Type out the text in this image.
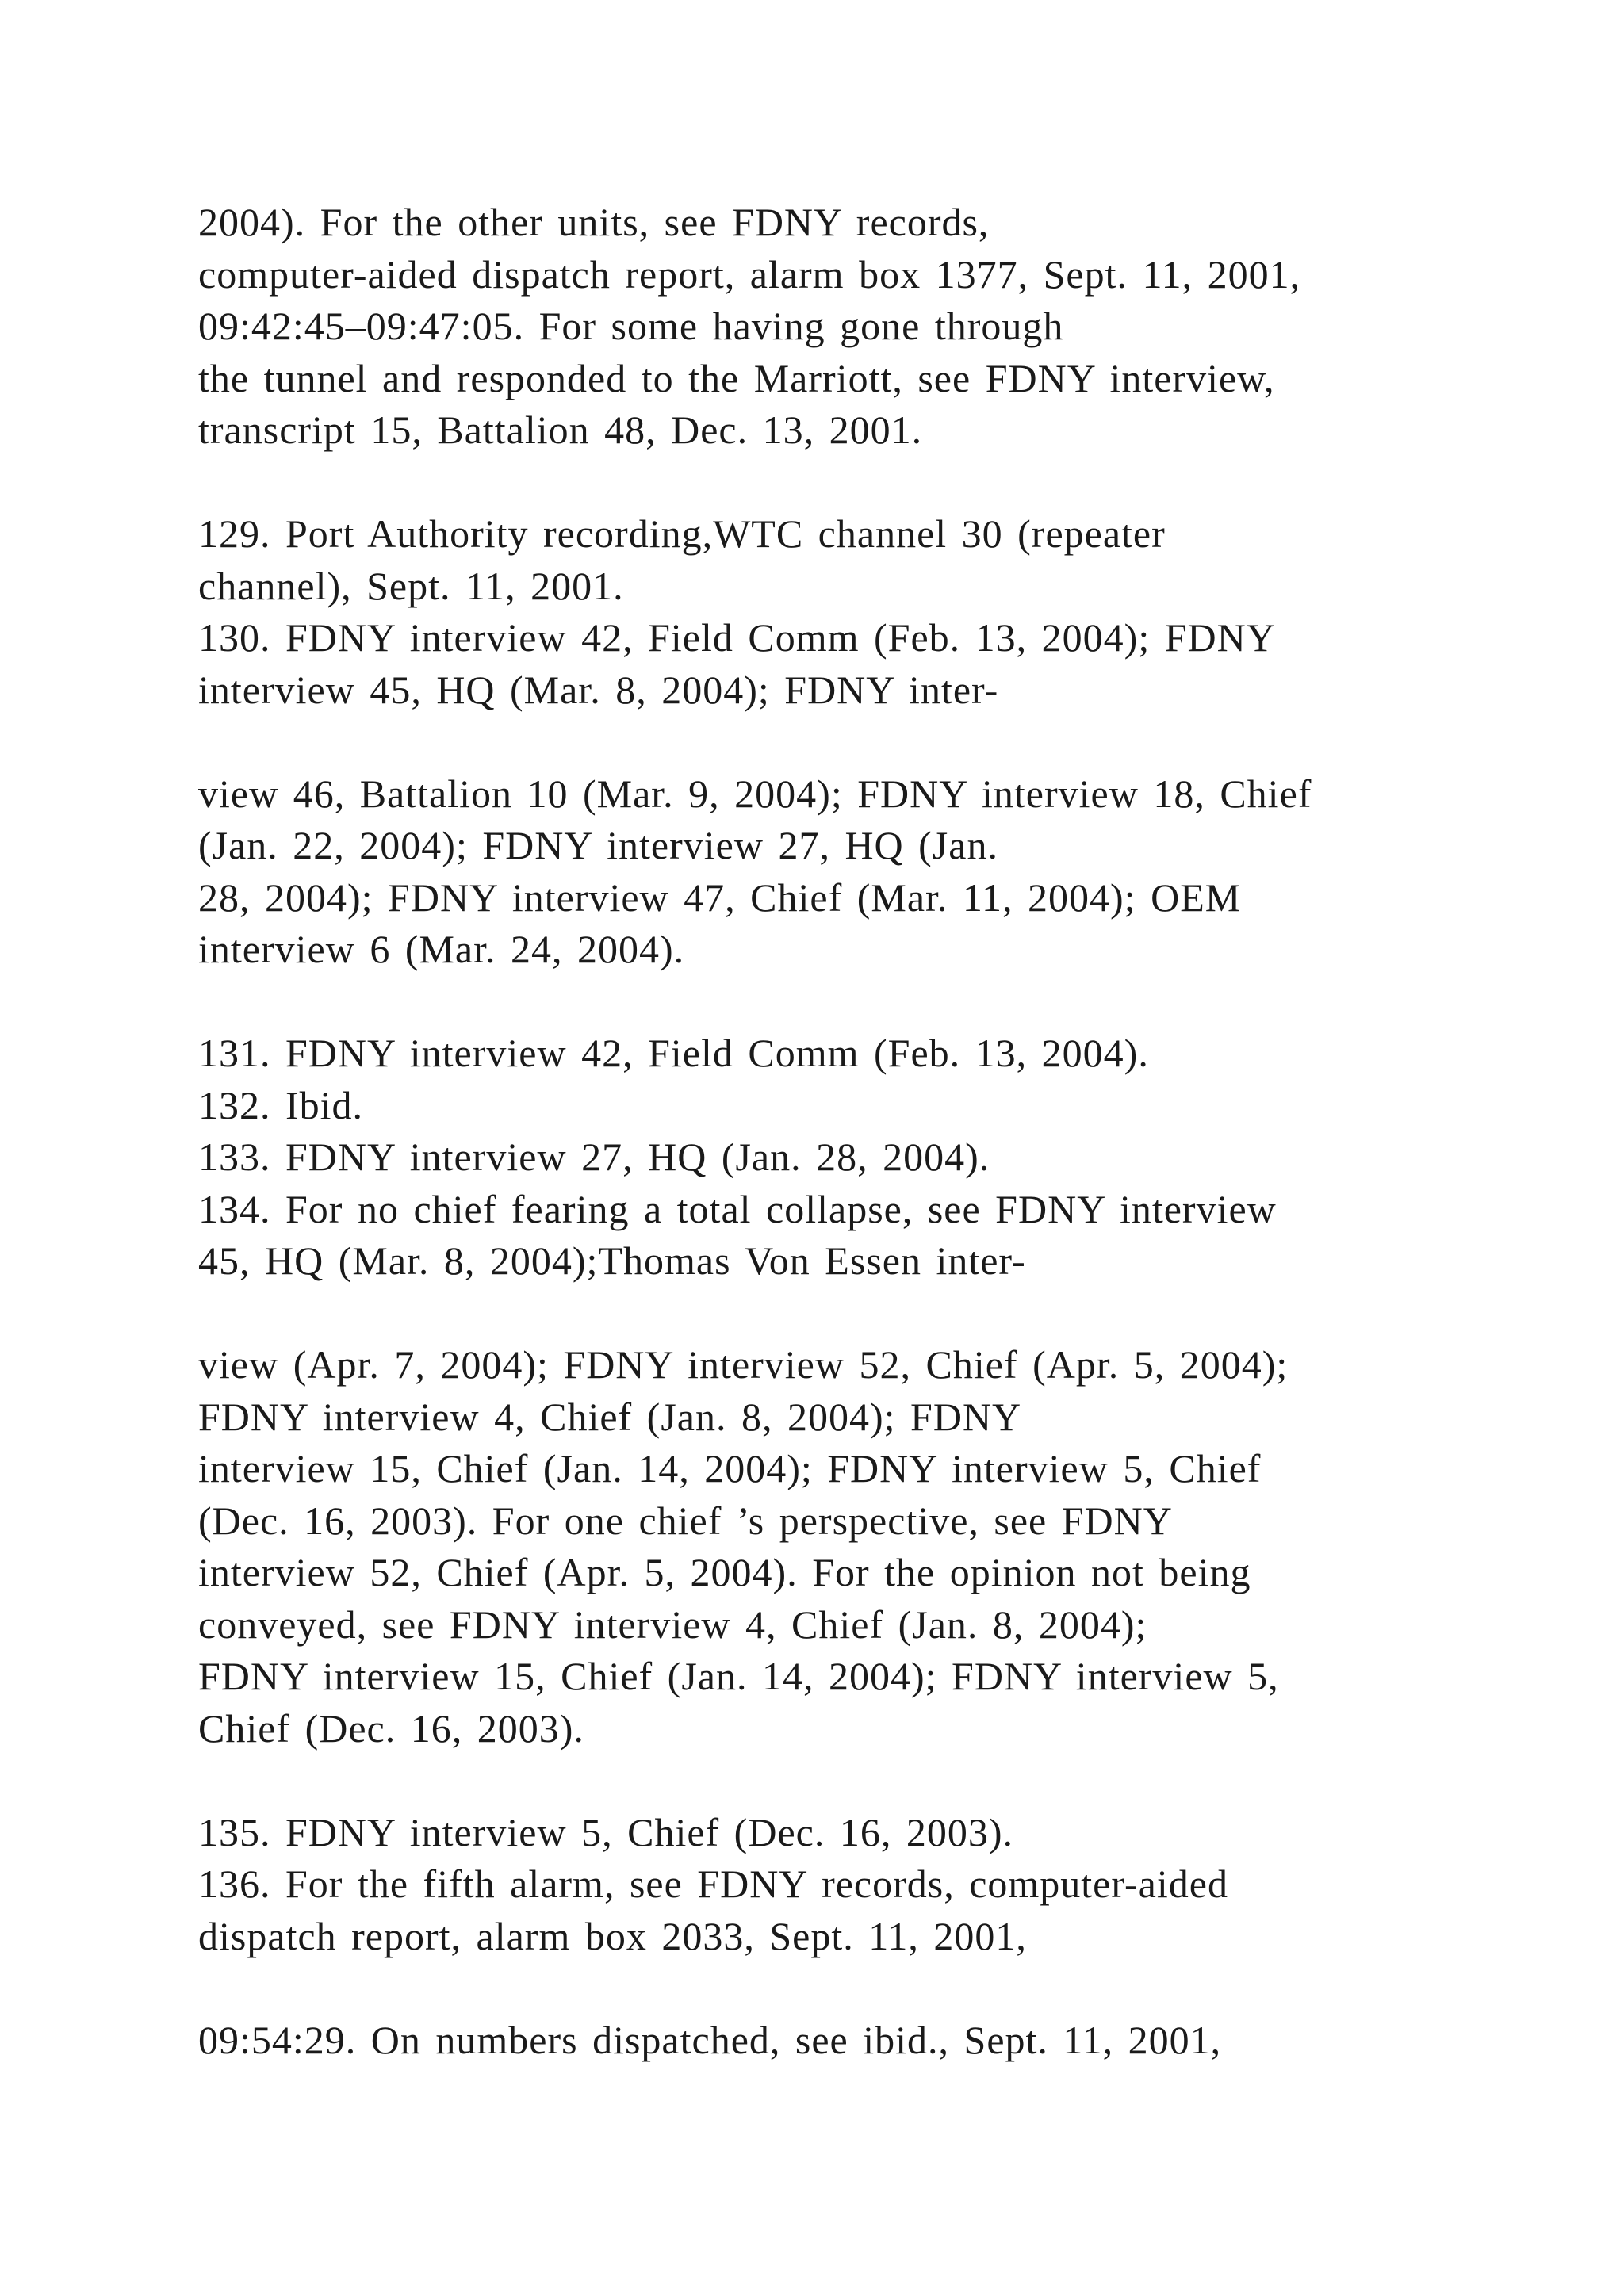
2004). For the other units, see FDNY records,
computer-aided dispatch report, alarm box 1377, Sept. 11, 2001,
09:42:45–09:47:05. For some having gone through
the tunnel and responded to the Marriott, see FDNY interview,
transcript 15, Battalion 48, Dec. 13, 2001.
129. Port Authority recording,WTC channel 30 (repeater
channel), Sept. 11, 2001.
130. FDNY interview 42, Field Comm (Feb. 13, 2004); FDNY
interview 45, HQ (Mar. 8, 2004); FDNY inter-
view 46, Battalion 10 (Mar. 9, 2004); FDNY interview 18, Chief
(Jan. 22, 2004); FDNY interview 27, HQ (Jan.
28, 2004); FDNY interview 47, Chief (Mar. 11, 2004); OEM
interview 6 (Mar. 24, 2004).
131. FDNY interview 42, Field Comm (Feb. 13, 2004).
132. Ibid.
133. FDNY interview 27, HQ (Jan. 28, 2004).
134. For no chief fearing a total collapse, see FDNY interview
45, HQ (Mar. 8, 2004);Thomas Von Essen inter-
view (Apr. 7, 2004); FDNY interview 52, Chief (Apr. 5, 2004);
FDNY interview 4, Chief (Jan. 8, 2004); FDNY
interview 15, Chief (Jan. 14, 2004); FDNY interview 5, Chief
(Dec. 16, 2003). For one chief ’s perspective, see FDNY
interview 52, Chief (Apr. 5, 2004). For the opinion not being
conveyed, see FDNY interview 4, Chief (Jan. 8, 2004);
FDNY interview 15, Chief (Jan. 14, 2004); FDNY interview 5,
Chief (Dec. 16, 2003).
135. FDNY interview 5, Chief (Dec. 16, 2003).
136. For the fifth alarm, see FDNY records, computer-aided
dispatch report, alarm box 2033, Sept. 11, 2001,
09:54:29. On numbers dispatched, see ibid., Sept. 11, 2001,
